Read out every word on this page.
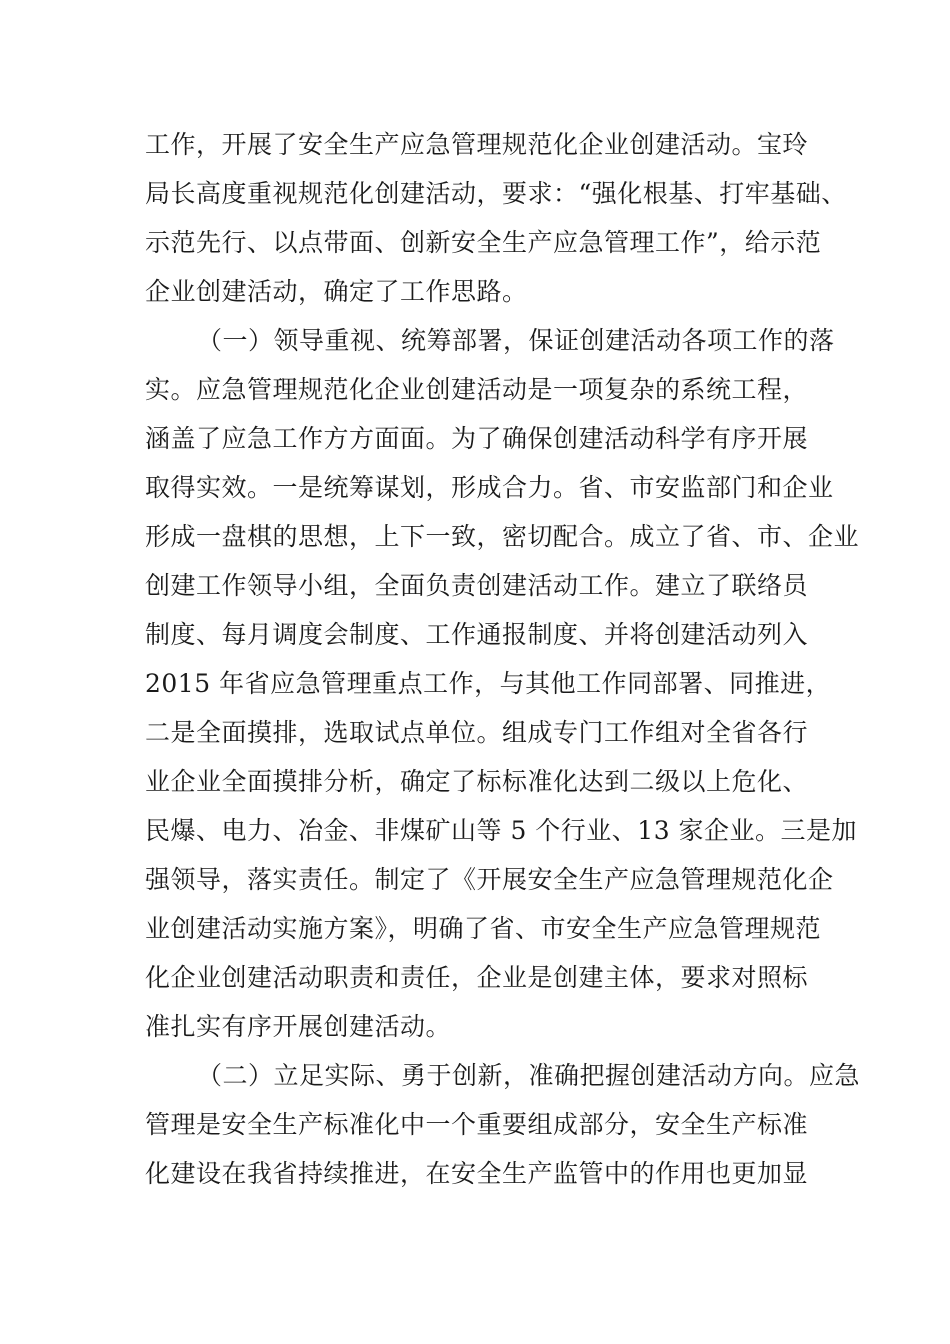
工作，开展了安全生产应急管理规范化企业创建活动。宝玲
局长高度重视规范化创建活动，要求：“强化根基、打牢基础、
示范先行、以点带面、创新安全生产应急管理工作”，给示范
企业创建活动，确定了工作思路。
（一）领导重视、统筹部署，保证创建活动各项工作的落
实。应急管理规范化企业创建活动是一项复杂的系统工程，
涵盖了应急工作方方面面。为了确保创建活动科学有序开展
取得实效。一是统筹谋划，形成合力。省、市安监部门和企业
形成一盘棋的思想，上下一致，密切配合。成立了省、市、企业
创建工作领导小组，全面负责创建活动工作。建立了联络员
制度、每月调度会制度、工作通报制度、并将创建活动列入
2015 年省应急管理重点工作，与其他工作同部署、同推进，
二是全面摸排，选取试点单位。组成专门工作组对全省各行
业企业全面摸排分析，确定了标标准化达到二级以上危化、
民爆、电力、冶金、非煤矿山等 5 个行业、13 家企业。三是加
强领导，落实责任。制定了《开展安全生产应急管理规范化企
业创建活动实施方案》，明确了省、市安全生产应急管理规范
化企业创建活动职责和责任，企业是创建主体，要求对照标
准扎实有序开展创建活动。
（二）立足实际、勇于创新，准确把握创建活动方向。应急
管理是安全生产标准化中一个重要组成部分，安全生产标准
化建设在我省持续推进，在安全生产监管中的作用也更加显
